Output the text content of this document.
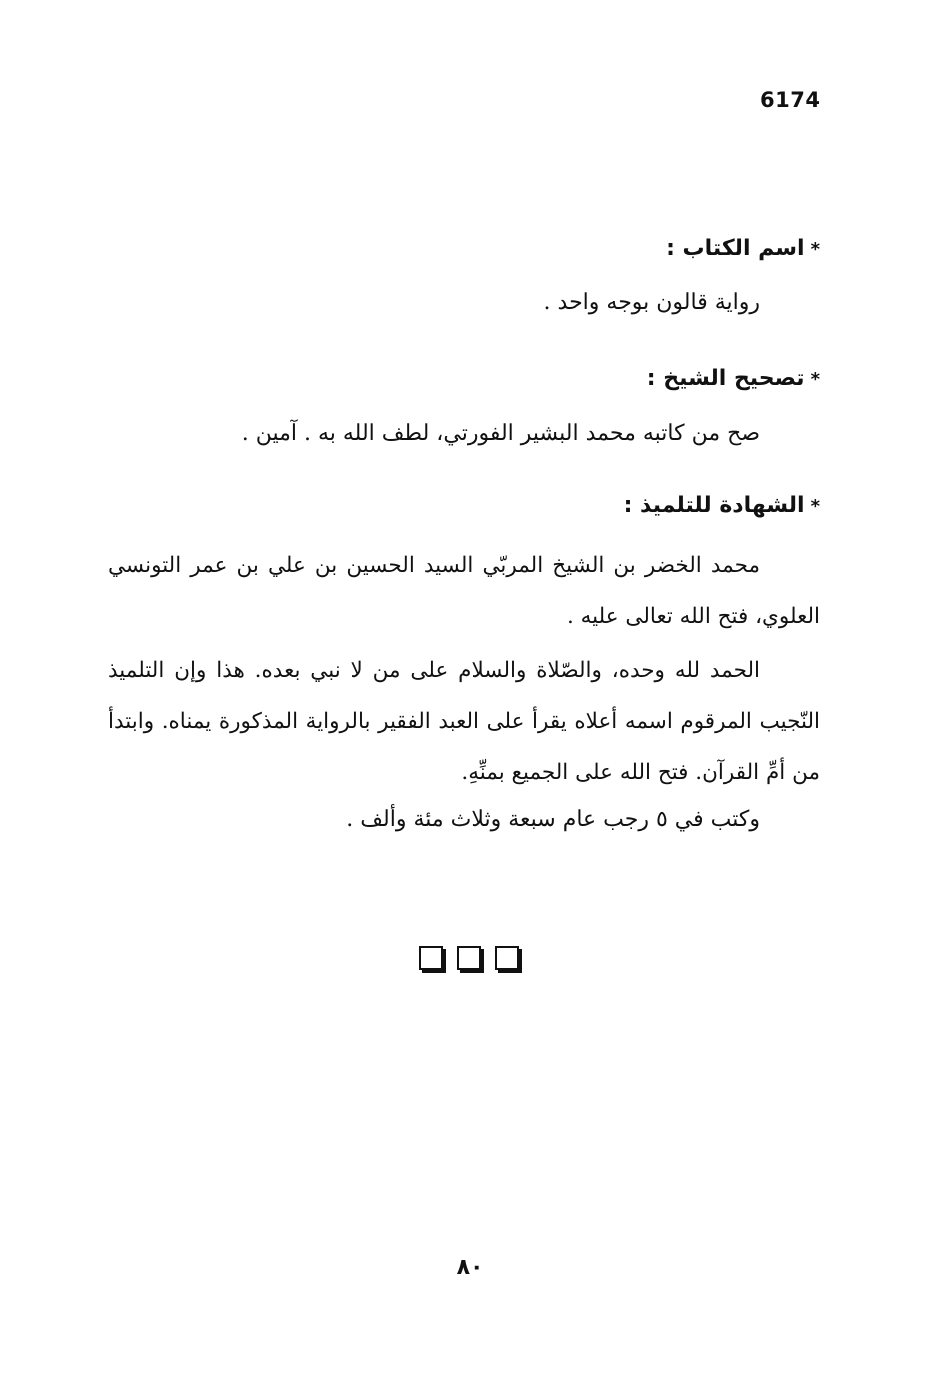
6174
*اسم الكتاب :
رواية قالون بوجه واحد .
*تصحيح الشيخ :
صح من كاتبه محمد البشير الفورتي، لطف الله به . آمين .
*الشهادة للتلميذ :
محمد الخضر بن الشيخ المربّي السيد الحسين بن علي بن عمر التونسي العلوي، فتح الله تعالى عليه .
الحمد لله وحده، والصّلاة والسلام على من لا نبي بعده. هذا وإن التلميذ النّجيب المرقوم اسمه أعلاه يقرأ على العبد الفقير بالرواية المذكورة يمناه. وابتدأ من أمِّ القرآن. فتح الله على الجميع بمنِّهِ.
وكتب في ٥ رجب عام سبعة وثلاث مئة وألف .
٨٠
